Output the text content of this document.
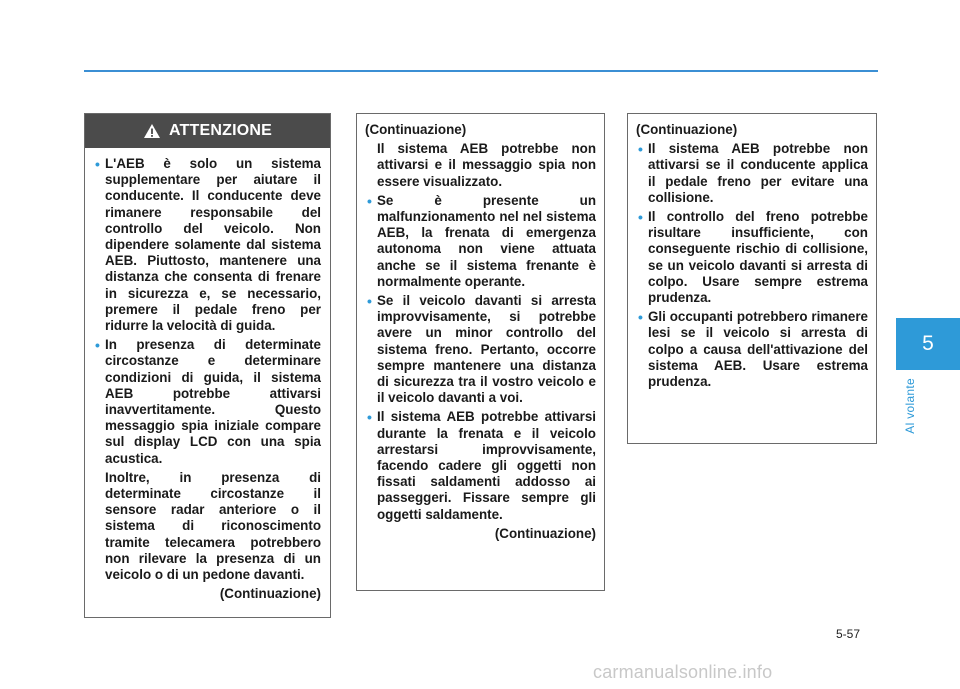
5
Al volante
ATTENZIONE
• L'AEB è solo un sistema supplementare per aiutare il conducente. Il conducente deve rimanere responsabile del controllo del veicolo. Non dipendere solamente dal sistema AEB. Piuttosto, mantenere una distanza che consenta di frenare in sicurezza e, se necessario, premere il pedale freno per ridurre la velocità di guida.
• In presenza di determinate circostanze e determinare condizioni di guida, il sistema AEB potrebbe attivarsi inavvertitamente. Questo messaggio spia iniziale compare sul display LCD con una spia acustica.
Inoltre, in presenza di determinate circostanze il sensore radar anteriore o il sistema di riconoscimento tramite telecamera potrebbero non rilevare la presenza di un veicolo o di un pedone davanti.
(Continuazione)
(Continuazione)
Il sistema AEB potrebbe non attivarsi e il messaggio spia non essere visualizzato.
• Se è presente un malfunzionamento nel nel sistema AEB, la frenata di emergenza autonoma non viene attuata anche se il sistema frenante è normalmente operante.
• Se il veicolo davanti si arresta improvvisamente, si potrebbe avere un minor controllo del sistema freno. Pertanto, occorre sempre mantenere una distanza di sicurezza tra il vostro veicolo e il veicolo davanti a voi.
• Il sistema AEB potrebbe attivarsi durante la frenata e il veicolo arrestarsi improvvisamente, facendo cadere gli oggetti non fissati saldamenti addosso ai passeggeri. Fissare sempre gli oggetti saldamente.
(Continuazione)
(Continuazione)
• Il sistema AEB potrebbe non attivarsi se il conducente applica il pedale freno per evitare una collisione.
• Il controllo del freno potrebbe risultare insufficiente, con conseguente rischio di collisione, se un veicolo davanti si arresta di colpo. Usare sempre estrema prudenza.
• Gli occupanti potrebbero rimanere lesi se il veicolo si arresta di colpo a causa dell'attivazione del sistema AEB. Usare estrema prudenza.
5-57
carmanualsonline.info
